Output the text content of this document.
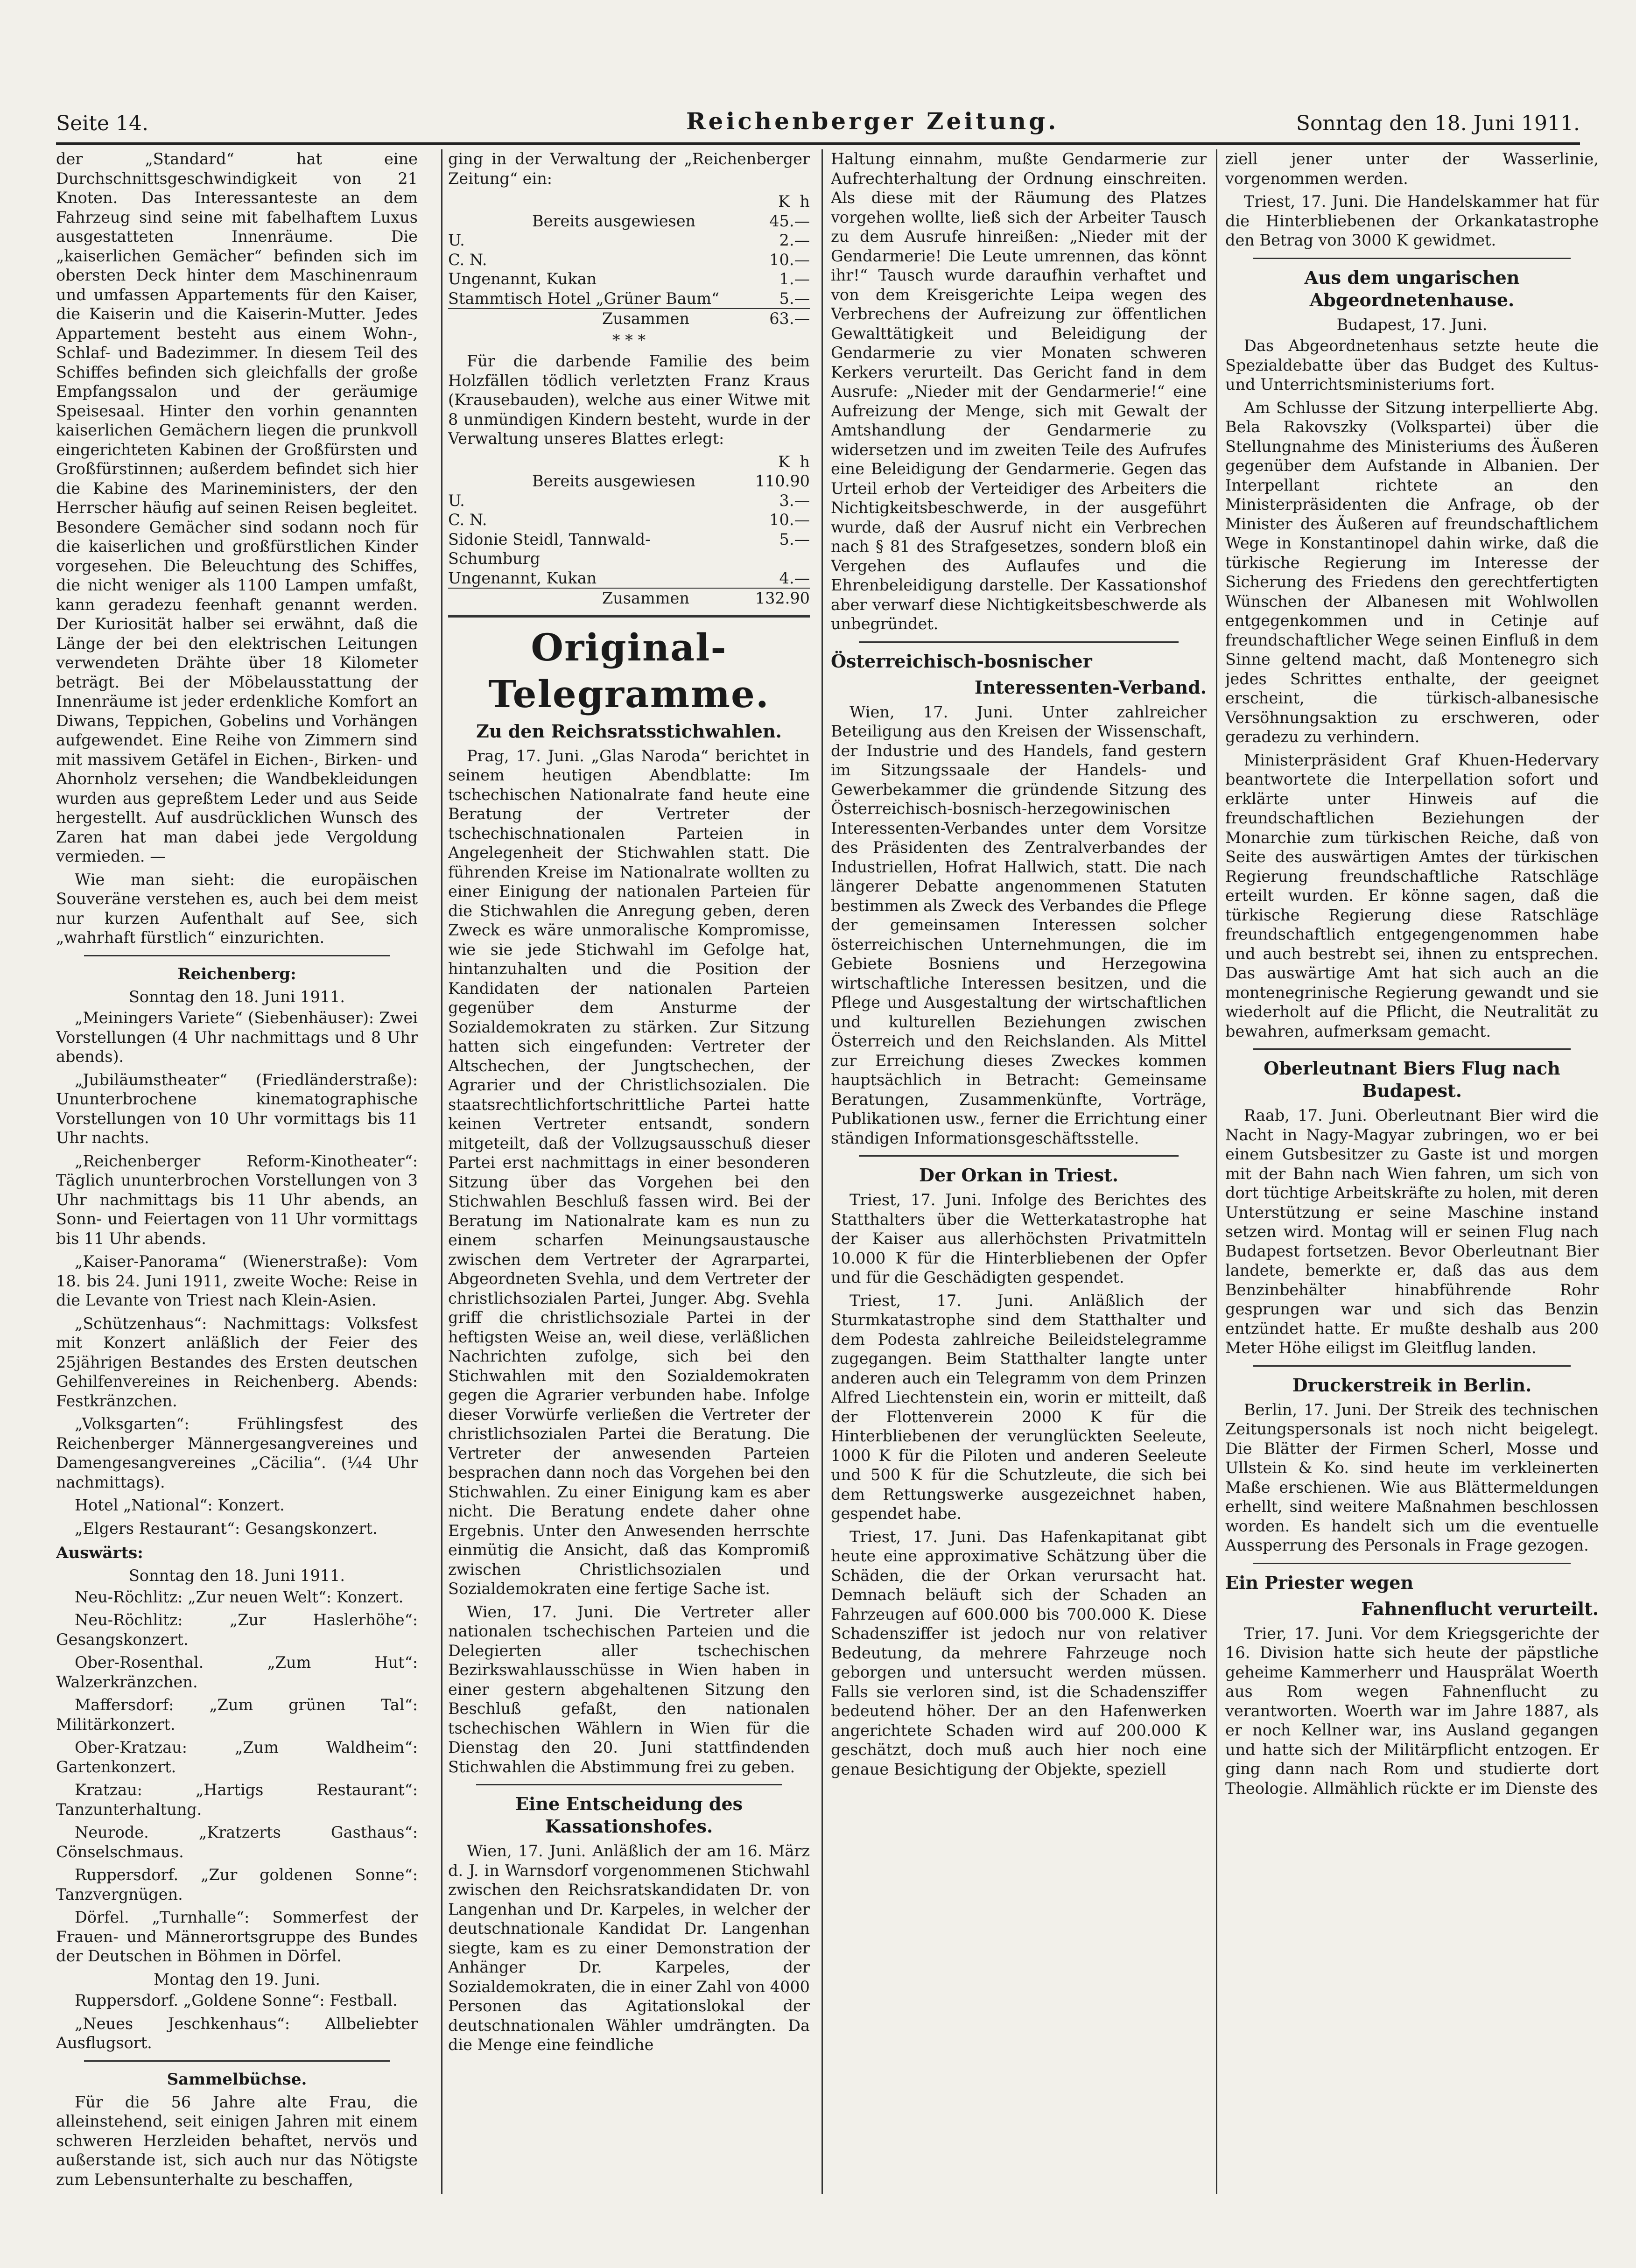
Seite 14.	Reichenberger Zeitung.	Sonntag den 18. Juni 1911.

der „Standard“ hat eine Durchschnittsgeschwindigkeit von 21 Knoten. Das Interessanteste an dem Fahrzeug sind seine mit fabelhaftem Luxus ausgestatteten Innenräume. Die „kaiserlichen Gemächer“ befinden sich im obersten Deck hinter dem Maschinenraum und umfassen Appartements für den Kaiser, die Kaiserin und die Kaiserin-Mutter. Jedes Appartement besteht aus einem Wohn-, Schlaf- und Badezimmer. In diesem Teil des Schiffes befinden sich gleichfalls der große Empfangssalon und der geräumige Speisesaal. Hinter den vorhin genannten kaiserlichen Gemächern liegen die prunkvoll eingerichteten Kabinen der Großfürsten und Großfürstinnen; außerdem befindet sich hier die Kabine des Marineministers, der den Herrscher häufig auf seinen Reisen begleitet. Besondere Gemächer sind sodann noch für die kaiserlichen und großfürstlichen Kinder vorgesehen. Die Beleuchtung des Schiffes, die nicht weniger als 1100 Lampen umfaßt, kann geradezu feenhaft genannt werden. Der Kuriosität halber sei erwähnt, daß die Länge der bei den elektrischen Leitungen verwendeten Drähte über 18 Kilometer beträgt. Bei der Möbelausstattung der Innenräume ist jeder erdenkliche Komfort an Diwans, Teppichen, Gobelins und Vorhängen aufgewendet. Eine Reihe von Zimmern sind mit massivem Getäfel in Eichen-, Birken- und Ahornholz versehen; die Wandbekleidungen wurden aus gepreßtem Leder und aus Seide hergestellt. Auf ausdrücklichen Wunsch des Zaren hat man dabei jede Vergoldung vermieden. —

Wie man sieht: die europäischen Souveräne verstehen es, auch bei dem meist nur kurzen Aufenthalt auf See, sich „wahrhaft fürstlich“ einzurichten.

Reichenberg:
Sonntag den 18. Juni 1911.

„Meiningers Variete“ (Siebenhäuser): Zwei Vorstellungen (4 Uhr nachmittags und 8 Uhr abends).

„Jubiläumstheater“ (Friedländerstraße): Ununterbrochene kinematographische Vorstellungen von 10 Uhr vormittags bis 11 Uhr nachts.

„Reichenberger Reform-Kinotheater“: Täglich ununterbrochen Vorstellungen von 3 Uhr nachmittags bis 11 Uhr abends, an Sonn- und Feiertagen von 11 Uhr vormittags bis 11 Uhr abends.

„Kaiser-Panorama“ (Wienerstraße): Vom 18. bis 24. Juni 1911, zweite Woche: Reise in die Levante von Triest nach Klein-Asien.

„Schützenhaus“: Nachmittags: Volksfest mit Konzert anläßlich der Feier des 25jährigen Bestandes des Ersten deutschen Gehilfenvereines in Reichenberg. Abends: Festkränzchen.

„Volksgarten“: Frühlingsfest des Reichenberger Männergesangvereines und Damengesangvereines „Cäcilia“. (¼4 Uhr nachmittags).

Hotel „National“: Konzert.

„Elgers Restaurant“: Gesangskonzert.

Auswärts:
Sonntag den 18. Juni 1911.

Neu-Röchlitz: „Zur neuen Welt“: Konzert.

Neu-Röchlitz: „Zur Haslerhöhe“: Gesangskonzert.

Ober-Rosenthal. „Zum Hut“: Walzerkränzchen.

Maffersdorf: „Zum grünen Tal“: Militärkonzert.

Ober-Kratzau: „Zum Waldheim“: Gartenkonzert.

Kratzau: „Hartigs Restaurant“: Tanzunterhaltung.

Neurode. „Kratzerts Gasthaus“: Cönselschmaus.

Ruppersdorf. „Zur goldenen Sonne“: Tanzvergnügen.

Dörfel. „Turnhalle“: Sommerfest der Frauen- und Männerortsgruppe des Bundes der Deutschen in Böhmen in Dörfel.

Montag den 19. Juni.

Ruppersdorf. „Goldene Sonne“: Festball.

„Neues Jeschkenhaus“: Allbeliebter Ausflugsort.

Sammelbüchse.

Für die 56 Jahre alte Frau, die alleinstehend, seit einigen Jahren mit einem schweren Herzleiden behaftet, nervös und außerstande ist, sich auch nur das Nötigste zum Lebensunterhalte zu beschaffen,

ging in der Verwaltung der „Reichenberger Zeitung“ ein:

K h
Bereits ausgewiesen	45.—
U.	2.—
C. N.	10.—
Ungenannt, Kukan	1.—
Stammtisch Hotel „Grüner Baum“	5.—
Zusammen	63.—
* * *

Für die darbende Familie des beim Holzfällen tödlich verletzten Franz Kraus (Krausebauden), welche aus einer Witwe mit 8 unmündigen Kindern besteht, wurde in der Verwaltung unseres Blattes erlegt:

K h
Bereits ausgewiesen	110.90
U.	3.—
C. N.	10.—
Sidonie Steidl, Tannwald-Schumburg	5.—
Ungenannt, Kukan	4.—
Zusammen	132.90
Original-Telegramme.
Zu den Reichsratsstichwahlen.

Prag, 17. Juni. „Glas Naroda“ berichtet in seinem heutigen Abendblatte: Im tschechischen Nationalrate fand heute eine Beratung der Vertreter der tschechischnationalen Parteien in Angelegenheit der Stichwahlen statt. Die führenden Kreise im Nationalrate wollten zu einer Einigung der nationalen Parteien für die Stichwahlen die Anregung geben, deren Zweck es wäre unmoralische Kompromisse, wie sie jede Stichwahl im Gefolge hat, hintanzuhalten und die Position der Kandidaten der nationalen Parteien gegenüber dem Ansturme der Sozialdemokraten zu stärken. Zur Sitzung hatten sich eingefunden: Vertreter der Altschechen, der Jungtschechen, der Agrarier und der Christlichsozialen. Die staatsrechtlichfortschrittliche Partei hatte keinen Vertreter entsandt, sondern mitgeteilt, daß der Vollzugsausschuß dieser Partei erst nachmittags in einer besonderen Sitzung über das Vorgehen bei den Stichwahlen Beschluß fassen wird. Bei der Beratung im Nationalrate kam es nun zu einem scharfen Meinungsaustausche zwischen dem Vertreter der Agrarpartei, Abgeordneten Svehla, und dem Vertreter der christlichsozialen Partei, Junger. Abg. Svehla griff die christlichsoziale Partei in der heftigsten Weise an, weil diese, verläßlichen Nachrichten zufolge, sich bei den Stichwahlen mit den Sozialdemokraten gegen die Agrarier verbunden habe. Infolge dieser Vorwürfe verließen die Vertreter der christlichsozialen Partei die Beratung. Die Vertreter der anwesenden Parteien besprachen dann noch das Vorgehen bei den Stichwahlen. Zu einer Einigung kam es aber nicht. Die Beratung endete daher ohne Ergebnis. Unter den Anwesenden herrschte einmütig die Ansicht, daß das Kompromiß zwischen Christlichsozialen und Sozialdemokraten eine fertige Sache ist.

Wien, 17. Juni. Die Vertreter aller nationalen tschechischen Parteien und die Delegierten aller tschechischen Bezirkswahlausschüsse in Wien haben in einer gestern abgehaltenen Sitzung den Beschluß gefaßt, den nationalen tschechischen Wählern in Wien für die Dienstag den 20. Juni stattfindenden Stichwahlen die Abstimmung frei zu geben.

Eine Entscheidung des Kassationshofes.

Wien, 17. Juni. Anläßlich der am 16. März d. J. in Warnsdorf vorgenommenen Stichwahl zwischen den Reichsratskandidaten Dr. von Langenhan und Dr. Karpeles, in welcher der deutschnationale Kandidat Dr. Langenhan siegte, kam es zu einer Demonstration der Anhänger Dr. Karpeles, der Sozialdemokraten, die in einer Zahl von 4000 Personen das Agitationslokal der deutschnationalen Wähler umdrängten. Da die Menge eine feindliche

Haltung einnahm, mußte Gendarmerie zur Aufrechterhaltung der Ordnung einschreiten. Als diese mit der Räumung des Platzes vorgehen wollte, ließ sich der Arbeiter Tausch zu dem Ausrufe hinreißen: „Nieder mit der Gendarmerie! Die Leute umrennen, das könnt ihr!“ Tausch wurde daraufhin verhaftet und von dem Kreisgerichte Leipa wegen des Verbrechens der Aufreizung zur öffentlichen Gewalttätigkeit und Beleidigung der Gendarmerie zu vier Monaten schweren Kerkers verurteilt. Das Gericht fand in dem Ausrufe: „Nieder mit der Gendarmerie!“ eine Aufreizung der Menge, sich mit Gewalt der Amtshandlung der Gendarmerie zu widersetzen und im zweiten Teile des Aufrufes eine Beleidigung der Gendarmerie. Gegen das Urteil erhob der Verteidiger des Arbeiters die Nichtigkeitsbeschwerde, in der ausgeführt wurde, daß der Ausruf nicht ein Verbrechen nach § 81 des Strafgesetzes, sondern bloß ein Vergehen des Auflaufes und die Ehrenbeleidigung darstelle. Der Kassationshof aber verwarf diese Nichtigkeitsbeschwerde als unbegründet.

Österreichisch-bosnischer
Interessenten-Verband.

Wien, 17. Juni. Unter zahlreicher Beteiligung aus den Kreisen der Wissenschaft, der Industrie und des Handels, fand gestern im Sitzungssaale der Handels- und Gewerbekammer die gründende Sitzung des Österreichisch-bosnisch-herzegowinischen Interessenten-Verbandes unter dem Vorsitze des Präsidenten des Zentralverbandes der Industriellen, Hofrat Hallwich, statt. Die nach längerer Debatte angenommenen Statuten bestimmen als Zweck des Verbandes die Pflege der gemeinsamen Interessen solcher österreichischen Unternehmungen, die im Gebiete Bosniens und Herzegowina wirtschaftliche Interessen besitzen, und die Pflege und Ausgestaltung der wirtschaftlichen und kulturellen Beziehungen zwischen Österreich und den Reichslanden. Als Mittel zur Erreichung dieses Zweckes kommen hauptsächlich in Betracht: Gemeinsame Beratungen, Zusammenkünfte, Vorträge, Publikationen usw., ferner die Errichtung einer ständigen Informationsgeschäftsstelle.

Der Orkan in Triest.

Triest, 17. Juni. Infolge des Berichtes des Statthalters über die Wetterkatastrophe hat der Kaiser aus allerhöchsten Privatmitteln 10.000 K für die Hinterbliebenen der Opfer und für die Geschädigten gespendet.

Triest, 17. Juni. Anläßlich der Sturmkatastrophe sind dem Statthalter und dem Podesta zahlreiche Beileidstelegramme zugegangen. Beim Statthalter langte unter anderen auch ein Telegramm von dem Prinzen Alfred Liechtenstein ein, worin er mitteilt, daß der Flottenverein 2000 K für die Hinterbliebenen der verunglückten Seeleute, 1000 K für die Piloten und anderen Seeleute und 500 K für die Schutzleute, die sich bei dem Rettungswerke ausgezeichnet haben, gespendet habe.

Triest, 17. Juni. Das Hafenkapitanat gibt heute eine approximative Schätzung über die Schäden, die der Orkan verursacht hat. Demnach beläuft sich der Schaden an Fahrzeugen auf 600.000 bis 700.000 K. Diese Schadensziffer ist jedoch nur von relativer Bedeutung, da mehrere Fahrzeuge noch geborgen und untersucht werden müssen. Falls sie verloren sind, ist die Schadensziffer bedeutend höher. Der an den Hafenwerken angerichtete Schaden wird auf 200.000 K geschätzt, doch muß auch hier noch eine genaue Besichtigung der Objekte, speziell

ziell jener unter der Wasserlinie, vorgenommen werden.

Triest, 17. Juni. Die Handelskammer hat für die Hinterbliebenen der Orkankatastrophe den Betrag von 3000 K gewidmet.

Aus dem ungarischen Abgeordnetenhause.
Budapest, 17. Juni.

Das Abgeordnetenhaus setzte heute die Spezialdebatte über das Budget des Kultus- und Unterrichtsministeriums fort.

Am Schlusse der Sitzung interpellierte Abg. Bela Rakovszky (Volkspartei) über die Stellungnahme des Ministeriums des Äußeren gegenüber dem Aufstande in Albanien. Der Interpellant richtete an den Ministerpräsidenten die Anfrage, ob der Minister des Äußeren auf freundschaftlichem Wege in Konstantinopel dahin wirke, daß die türkische Regierung im Interesse der Sicherung des Friedens den gerechtfertigten Wünschen der Albanesen mit Wohlwollen entgegenkommen und in Cetinje auf freundschaftlicher Wege seinen Einfluß in dem Sinne geltend macht, daß Montenegro sich jedes Schrittes enthalte, der geeignet erscheint, die türkisch-albanesische Versöhnungsaktion zu erschweren, oder geradezu zu verhindern.

Ministerpräsident Graf Khuen-Hedervary beantwortete die Interpellation sofort und erklärte unter Hinweis auf die freundschaftlichen Beziehungen der Monarchie zum türkischen Reiche, daß von Seite des auswärtigen Amtes der türkischen Regierung freundschaftliche Ratschläge erteilt wurden. Er könne sagen, daß die türkische Regierung diese Ratschläge freundschaftlich entgegengenommen habe und auch bestrebt sei, ihnen zu entsprechen. Das auswärtige Amt hat sich auch an die montenegrinische Regierung gewandt und sie wiederholt auf die Pflicht, die Neutralität zu bewahren, aufmerksam gemacht.

Oberleutnant Biers Flug nach Budapest.

Raab, 17. Juni. Oberleutnant Bier wird die Nacht in Nagy-Magyar zubringen, wo er bei einem Gutsbesitzer zu Gaste ist und morgen mit der Bahn nach Wien fahren, um sich von dort tüchtige Arbeitskräfte zu holen, mit deren Unterstützung er seine Maschine instand setzen wird. Montag will er seinen Flug nach Budapest fortsetzen. Bevor Oberleutnant Bier landete, bemerkte er, daß das aus dem Benzinbehälter hinabführende Rohr gesprungen war und sich das Benzin entzündet hatte. Er mußte deshalb aus 200 Meter Höhe eiligst im Gleitflug landen.

Druckerstreik in Berlin.

Berlin, 17. Juni. Der Streik des technischen Zeitungspersonals ist noch nicht beigelegt. Die Blätter der Firmen Scherl, Mosse und Ullstein & Ko. sind heute im verkleinerten Maße erschienen. Wie aus Blättermeldungen erhellt, sind weitere Maßnahmen beschlossen worden. Es handelt sich um die eventuelle Aussperrung des Personals in Frage gezogen.

Ein Priester wegen
Fahnenflucht verurteilt.

Trier, 17. Juni. Vor dem Kriegsgerichte der 16. Division hatte sich heute der päpstliche geheime Kammerherr und Hausprälat Woerth aus Rom wegen Fahnenflucht zu verantworten. Woerth war im Jahre 1887, als er noch Kellner war, ins Ausland gegangen und hatte sich der Militärpflicht entzogen. Er ging dann nach Rom und studierte dort Theologie. Allmählich rückte er im Dienste des
